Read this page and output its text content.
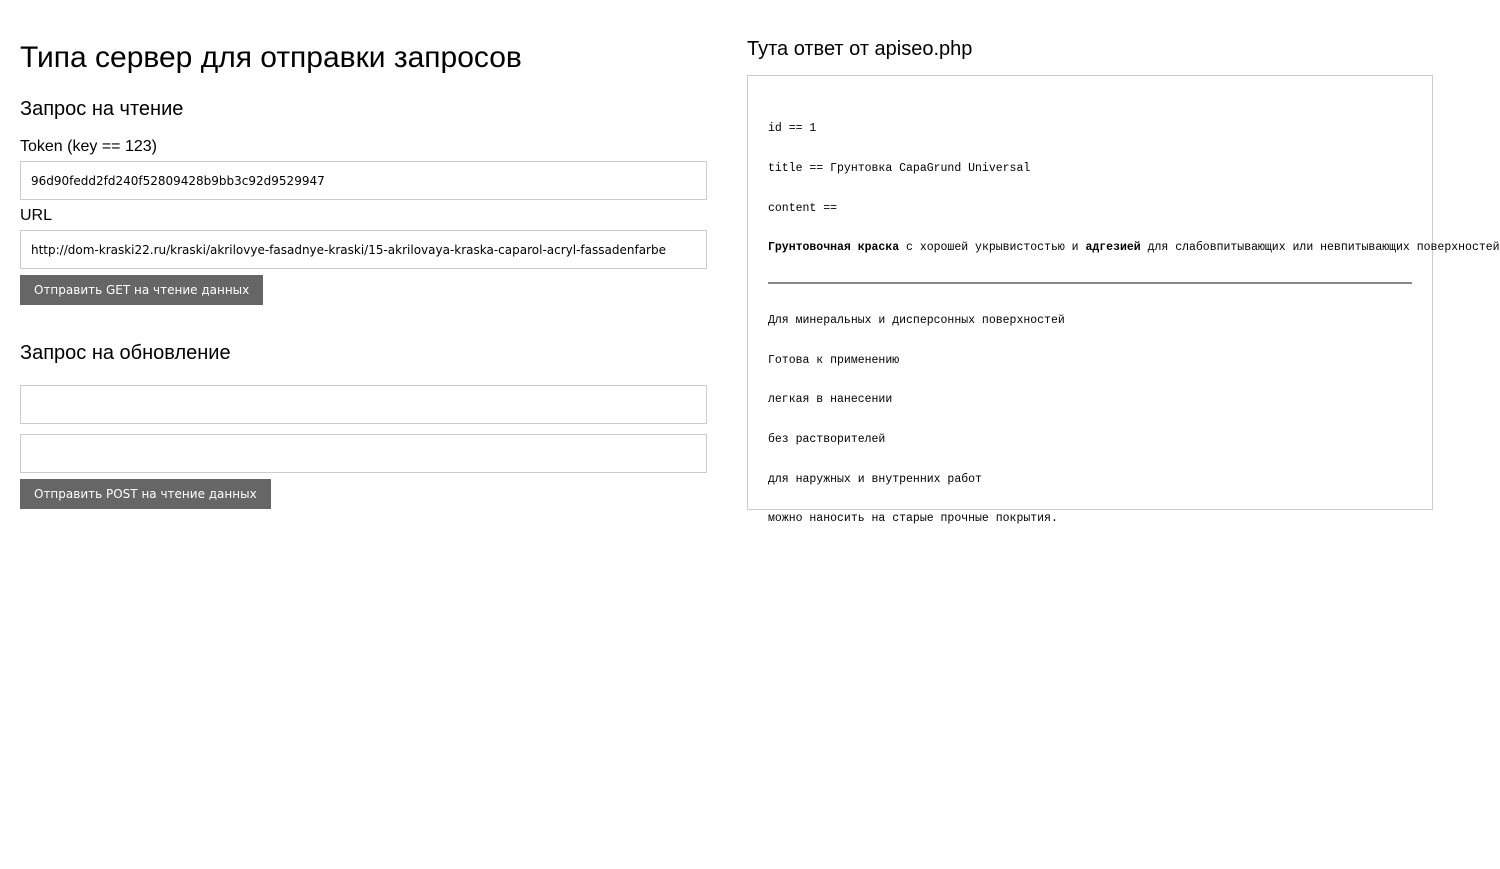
Типа сервер для отправки запросов
Запрос на чтение
Token (key == 123)
96d90fedd2fd240f52809428b9bb3c92d9529947
URL
http://dom-kraski22.ru/kraski/akrilovye-fasadnye-kraski/15-akrilovaya-kraska-caparol-acryl-fassadenfarbe
Отправить GET на чтение данных
Запрос на обновление
Отправить POST на чтение данных
Тута ответ от apiseo.php

id == 1

title == Грунтовка CapaGrund Universal

content ==

Грунтовочная краска с хорошей укрывистостью и адгезией для слабовпитывающих или невпитывающих поверхностей

Для минеральных и дисперсонных поверхностей

Готова к применению

легкая в нанесении

без растворителей

для наружных и внутренних работ

можно наносить на старые прочные покрытия.
